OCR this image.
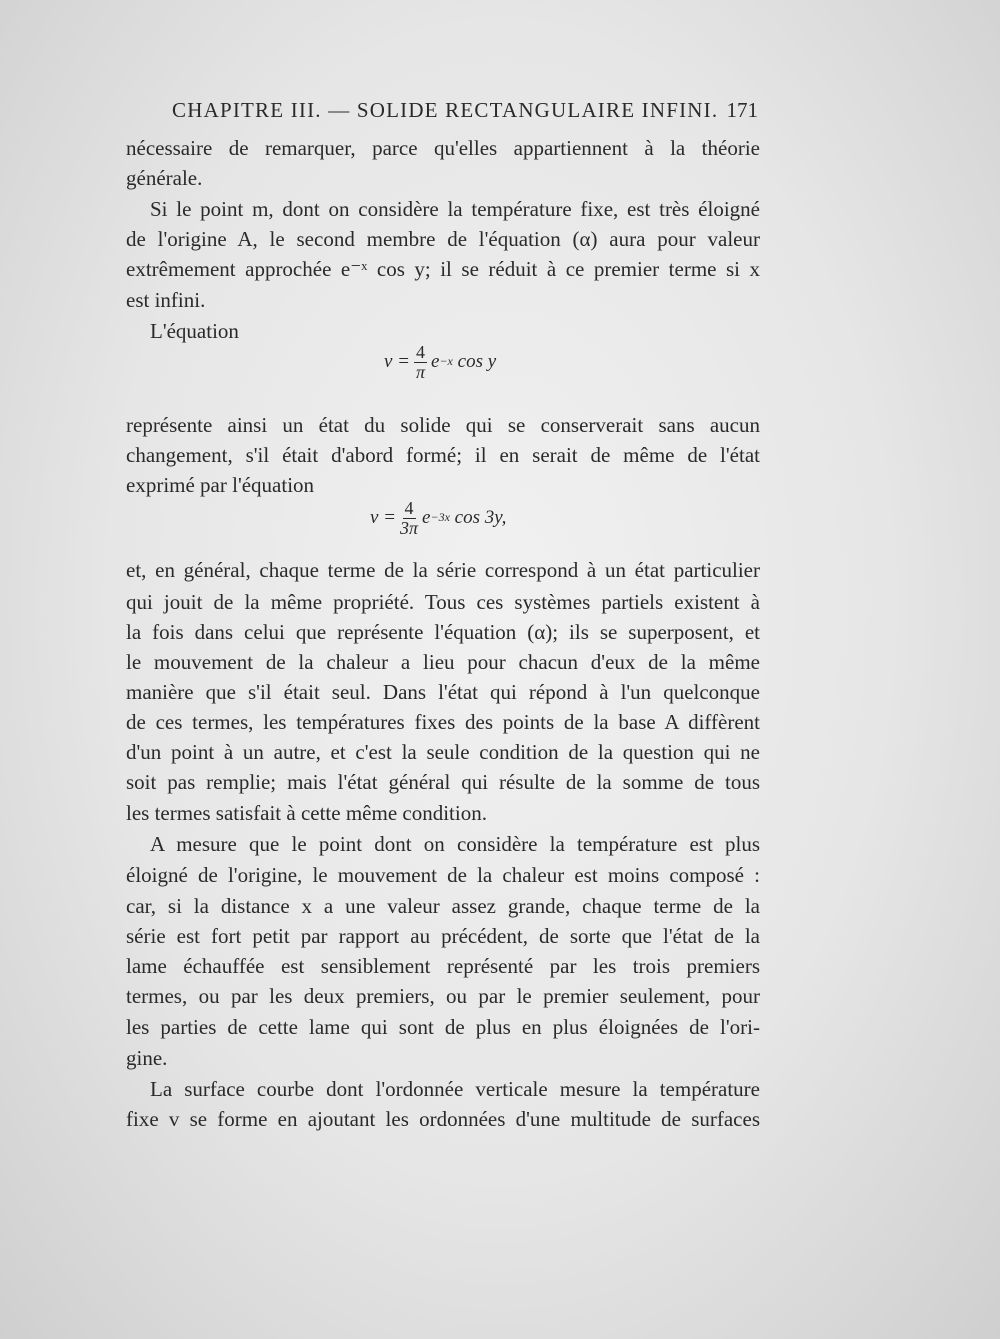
CHAPITRE III. — SOLIDE RECTANGULAIRE INFINI. 171
nécessaire de remarquer, parce qu'elles appartiennent à la théorie
générale.
Si le point m, dont on considère la température fixe, est très éloigné
de l'origine A, le second membre de l'équation (α) aura pour valeur
extrêmement approchée e⁻ˣ cos y; il se réduit à ce premier terme si x
est infini.
L'équation
$v = \frac{4}{\pi}$ e −x
cos y
représente ainsi un état du solide qui se conserverait sans aucun
changement, s'il était d'abord formé; il en serait de même de l'état
exprimé par l'équation
$v = \frac{4}{3\pi}$ e −3x
cos 3y,
et, en général, chaque terme de la série correspond à un état particulier
qui jouit de la même propriété. Tous ces systèmes partiels existent à
la fois dans celui que représente l'équation (α); ils se superposent, et
le mouvement de la chaleur a lieu pour chacun d'eux de la même
manière que s'il était seul. Dans l'état qui répond à l'un quelconque
de ces termes, les températures fixes des points de la base A diffèrent
d'un point à un autre, et c'est la seule condition de la question qui ne
soit pas remplie; mais l'état général qui résulte de la somme de tous
les termes satisfait à cette même condition.
A mesure que le point dont on considère la température est plus
éloigné de l'origine, le mouvement de la chaleur est moins composé :
car, si la distance x a une valeur assez grande, chaque terme de la
série est fort petit par rapport au précédent, de sorte que l'état de la
lame échauffée est sensiblement représenté par les trois premiers
termes, ou par les deux premiers, ou par le premier seulement, pour
les parties de cette lame qui sont de plus en plus éloignées de l'ori-
gine.
La surface courbe dont l'ordonnée verticale mesure la température
fixe v se forme en ajoutant les ordonnées d'une multitude de surfaces
